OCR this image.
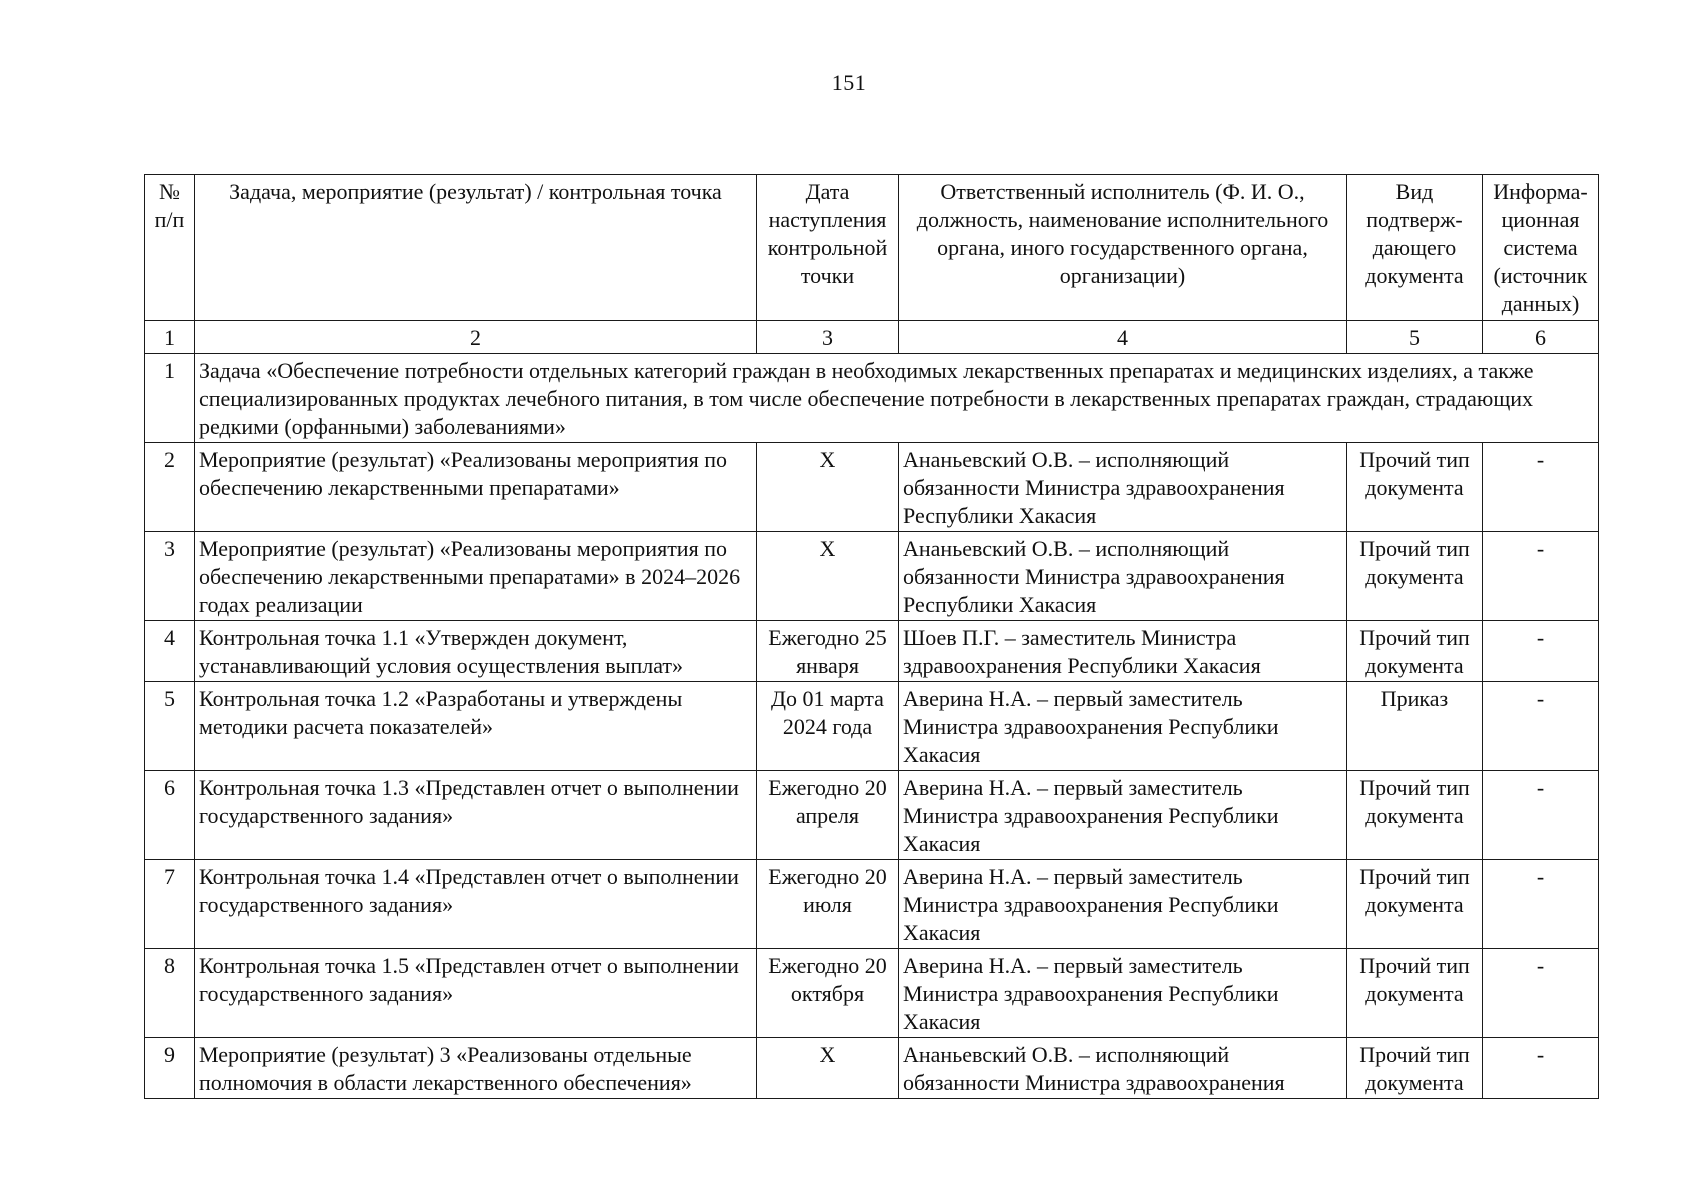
151
№ п/п	Задача, мероприятие (результат) / контрольная точка	Дата наступления контрольной точки	Ответственный исполнитель (Ф. И. О., должность, наименование исполнительного органа, иного государственного органа, организации)	Вид подтверж-дающего документа	Информа-ционная система (источник данных)
1	2	3	4	5	6
1	Задача «Обеспечение потребности отдельных категорий граждан в необходимых лекарственных препаратах и медицинских изделиях, а также специализированных продуктах лечебного питания, в том числе обеспечение потребности в лекарственных препаратах граждан, страдающих редкими (орфанными) заболеваниями»				
2	Мероприятие (результат) «Реализованы мероприятия по обеспечению лекарственными препаратами»	Х	Ананьевский О.В. – исполняющий обязанности Министра здравоохранения Республики Хакасия	Прочий тип документа	-
3	Мероприятие (результат) «Реализованы мероприятия по обеспечению лекарственными препаратами» в 2024–2026 годах реализации	Х	Ананьевский О.В. – исполняющий обязанности Министра здравоохранения Республики Хакасия	Прочий тип документа	-
4	Контрольная точка 1.1 «Утвержден документ, устанавливающий условия осуществления выплат»	Ежегодно 25 января	Шоев П.Г. – заместитель Министра здравоохранения Республики Хакасия	Прочий тип документа	-
5	Контрольная точка 1.2 «Разработаны и утверждены методики расчета показателей»	До 01 марта 2024 года	Аверина Н.А. – первый заместитель Министра здравоохранения Республики Хакасия	Приказ	-
6	Контрольная точка 1.3 «Представлен отчет о выполнении государственного задания»	Ежегодно 20 апреля	Аверина Н.А. – первый заместитель Министра здравоохранения Республики Хакасия	Прочий тип документа	-
7	Контрольная точка 1.4 «Представлен отчет о выполнении государственного задания»	Ежегодно 20 июля	Аверина Н.А. – первый заместитель Министра здравоохранения Республики Хакасия	Прочий тип документа	-
8	Контрольная точка 1.5 «Представлен отчет о выполнении государственного задания»	Ежегодно 20 октября	Аверина Н.А. – первый заместитель Министра здравоохранения Республики Хакасия	Прочий тип документа	-
9	Мероприятие (результат) 3 «Реализованы отдельные полномочия в области лекарственного обеспечения»	Х	Ананьевский О.В. – исполняющий обязанности Министра здравоохранения	Прочий тип документа	-
